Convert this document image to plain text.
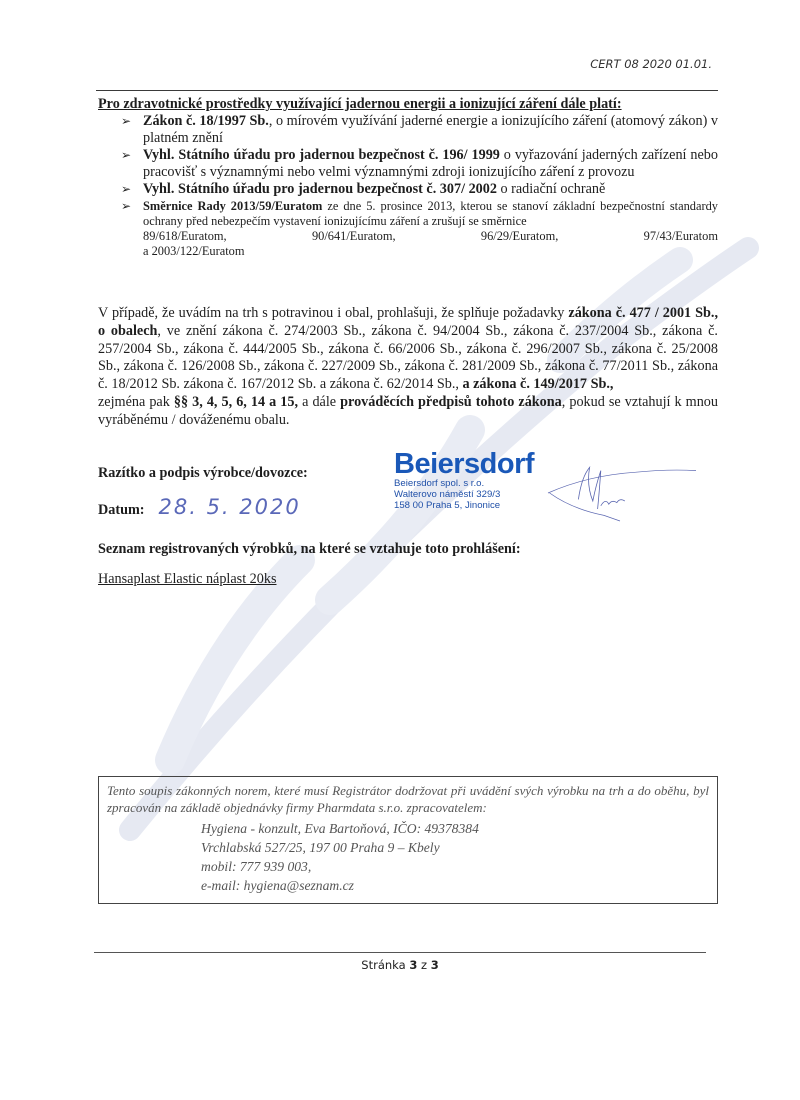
CERT 08 2020 01.01.
Pro zdravotnické prostředky využívající jadernou energii a ionizující záření dále platí:
➢ Zákon č. 18/1997 Sb., o mírovém využívání jaderné energie a ionizujícího záření (atomový zákon) v platném znění
➢ Vyhl. Státního úřadu pro jadernou bezpečnost č. 196/ 1999 o vyřazování jaderných zařízení nebo pracovišť s významnými nebo velmi významnými zdroji ionizujícího záření z provozu
➢ Vyhl. Státního úřadu pro jadernou bezpečnost č. 307/ 2002 o radiační ochraně
➢ Směrnice Rady 2013/59/Euratom ze dne 5. prosince 2013, kterou se stanoví základní bezpečnostní standardy ochrany před nebezpečím vystavení ionizujícímu záření a zrušují se směrnice
89/618/Euratom,	90/641/Euratom,	96/29/Euratom,	97/43/Euratom
a 2003/122/Euratom
V případě, že uvádím na trh s potravinou i obal, prohlašuji, že splňuje požadavky zákona č. 477 / 2001 Sb., o obalech, ve znění zákona č. 274/2003 Sb., zákona č. 94/2004 Sb., zákona č. 237/2004 Sb., zákona č. 257/2004 Sb., zákona č. 444/2005 Sb., zákona č. 66/2006 Sb., zákona č. 296/2007 Sb., zákona č. 25/2008 Sb., zákona č. 126/2008 Sb., zákona č. 227/2009 Sb., zákona č. 281/2009 Sb., zákona č. 77/2011 Sb., zákona č. 18/2012 Sb. zákona č. 167/2012 Sb. a zákona č. 62/2014 Sb., a zákona č. 149/2017 Sb.,
zejména pak §§ 3, 4, 5, 6, 14 a 15, a dále prováděcích předpisů tohoto zákona, pokud se vztahují k mnou vyráběnému / dováženému obalu.
Razítko a podpis výrobce/dovozce:
Datum: 28. 5. 2020
Beiersdorf
Beiersdorf spol. s r.o.
Walterovo náměstí 329/3
158 00 Praha 5, Jinonice
Seznam registrovaných výrobků, na které se vztahuje toto prohlášení:
Hansaplast Elastic náplast 20ks
Tento soupis zákonných norem, které musí Registrátor dodržovat při uvádění svých výrobku na trh a do oběhu, byl zpracován na základě objednávky firmy Pharmdata s.r.o. zpracovatelem:
Hygiena - konzult, Eva Bartoňová, IČO: 49378384
Vrchlabská 527/25, 197 00 Praha 9 – Kbely
mobil: 777 939 003,
e-mail: hygiena@seznam.cz
Stránka 3 z 3
